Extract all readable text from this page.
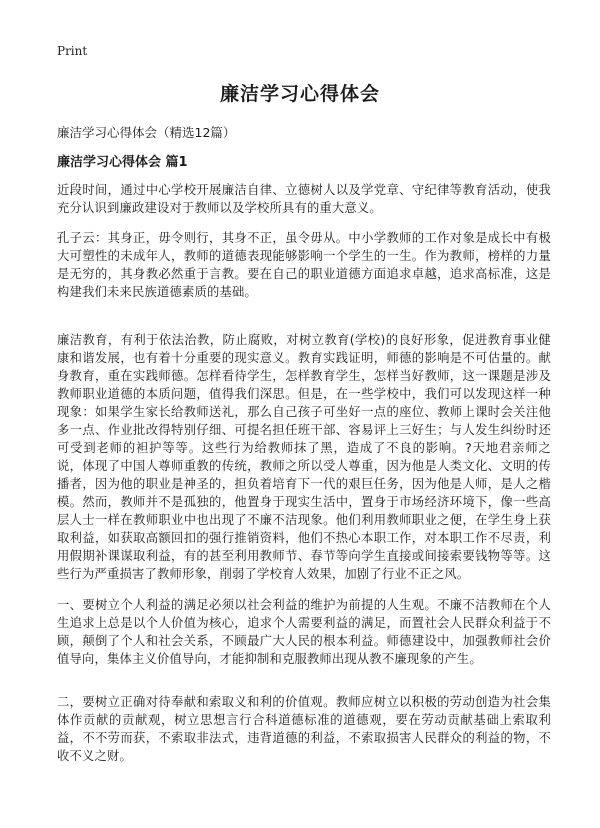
Print
廉洁学习心得体会
廉洁学习心得体会（精选12篇）
廉洁学习心得体会 篇1
近段时间，通过中心学校开展廉洁自律、立德树人以及学党章、守纪律等教育活动，使我充分认识到廉政建设对于教师以及学校所具有的重大意义。
孔子云：其身正，毋令则行，其身不正，虽令毋从。中小学教师的工作对象是成长中有极大可塑性的未成年人，教师的道德表现能够影响一个学生的一生。作为教师，榜样的力量是无穷的，其身教必然重于言教。要在自己的职业道德方面追求卓越，追求高标准，这是构建我们未来民族道德素质的基础。
廉洁教育，有利于依法治教，防止腐败，对树立教育(学校)的良好形象，促进教育事业健康和谐发展，也有着十分重要的现实意义。教育实践证明，师德的影响是不可估量的。献身教育，重在实践师德。怎样看待学生，怎样教育学生，怎样当好教师，这一课题是涉及教师职业道德的本质问题，值得我们深思。但是，在一些学校中，我们可以发现这样一种现象：如果学生家长给教师送礼，那么自己孩子可坐好一点的座位、教师上课时会关注他多一点、作业批改得特别仔细、可提名担任班干部、容易评上三好生；与人发生纠纷时还可受到老师的袒护等等。这些行为给教师抹了黑，造成了不良的影响。?天地君亲师之说，体现了中国人尊师重教的传统，教师之所以受人尊重，因为他是人类文化、文明的传播者，因为他的职业是神圣的，担负着培育下一代的艰巨任务，因为他是人师，是人之楷模。然而，教师并不是孤独的，他置身于现实生活中，置身于市场经济环境下，像一些高层人士一样在教师职业中也出现了不廉不洁现象。他们利用教师职业之便，在学生身上获取利益，如获取高额回扣的强行推销资料，他们不热心本职工作，对本职工作不尽责，利用假期补课谋取利益，有的甚至利用教师节、春节等向学生直接或间接索要钱物等等。这些行为严重损害了教师形象，削弱了学校育人效果，加剧了行业不正之风。
一、要树立个人利益的满足必须以社会利益的维护为前提的人生观。不廉不洁教师在个人生追求上总是以个人价值为核心，追求个人需要利益的满足，而置社会人民群众利益于不顾，颠倒了个人和社会关系，不顾最广大人民的根本利益。师德建设中，加强教师社会价值导向，集体主义价值导向，才能抑制和克服教师出现从教不廉现象的产生。
二，要树立正确对待奉献和索取义和利的价值观。教师应树立以积极的劳动创造为社会集体作贡献的贡献观，树立思想言行合科道德标准的道德观，要在劳动贡献基础上索取利益，不不劳而获，不索取非法式，违背道德的利益，不索取损害人民群众的利益的物，不收不义之财。
